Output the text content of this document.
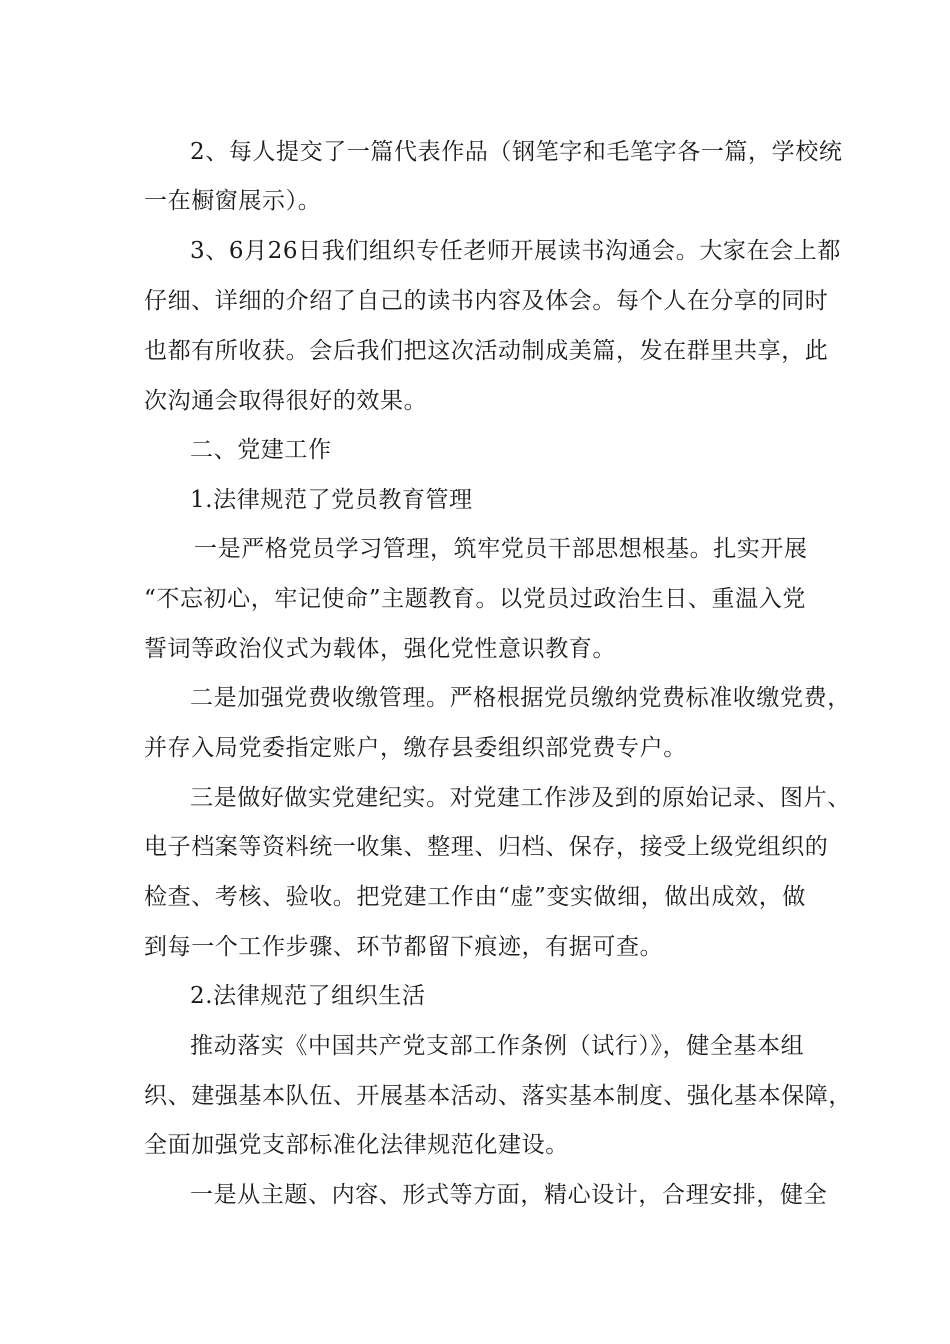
2、每人提交了一篇代表作品（钢笔字和毛笔字各一篇，学校统
一在橱窗展示）。
3、6月26日我们组织专任老师开展读书沟通会。大家在会上都
仔细、详细的介绍了自己的读书内容及体会。每个人在分享的同时
也都有所收获。会后我们把这次活动制成美篇，发在群里共享，此
次沟通会取得很好的效果。
二、党建工作
1.法律规范了党员教育管理
一是严格党员学习管理，筑牢党员干部思想根基。扎实开展
“不忘初心，牢记使命”主题教育。以党员过政治生日、重温入党
誓词等政治仪式为载体，强化党性意识教育。
二是加强党费收缴管理。严格根据党员缴纳党费标准收缴党费，
并存入局党委指定账户，缴存县委组织部党费专户。
三是做好做实党建纪实。对党建工作涉及到的原始记录、图片、
电子档案等资料统一收集、整理、归档、保存，接受上级党组织的
检查、考核、验收。把党建工作由“虚”变实做细，做出成效，做
到每一个工作步骤、环节都留下痕迹，有据可查。
2.法律规范了组织生活
推动落实《中国共产党支部工作条例（试行）》，健全基本组
织、建强基本队伍、开展基本活动、落实基本制度、强化基本保障，
全面加强党支部标准化法律规范化建设。
一是从主题、内容、形式等方面，精心设计，合理安排，健全
